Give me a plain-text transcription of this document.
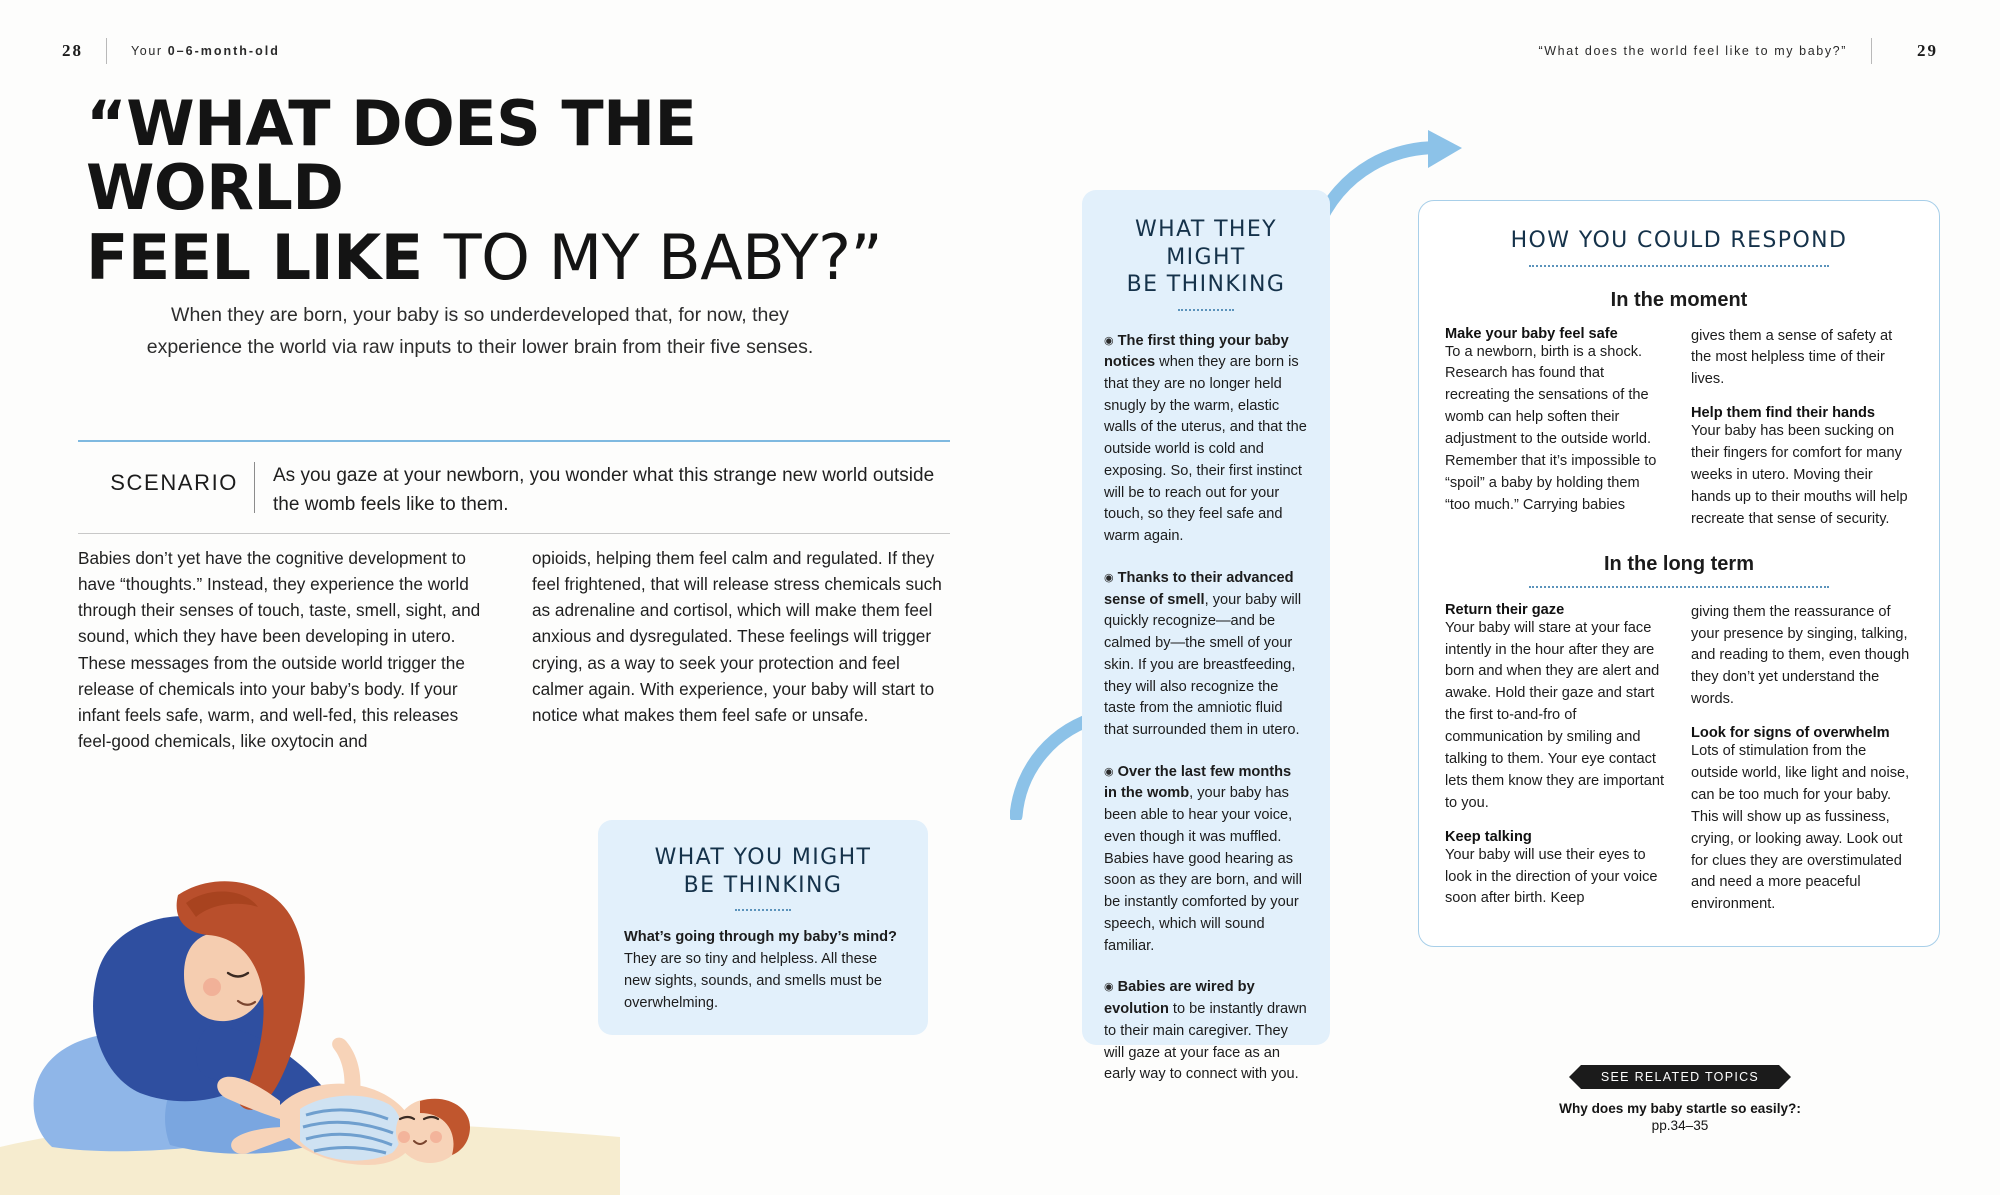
28	Your 0–6-month-old	“What does the world feel like to my baby?”	29
“WHAT DOES THE WORLD
FEEL LIKE TO MY BABY?”
When they are born, your baby is so underdeveloped that, for now, they experience the world via raw inputs to their lower brain from their five senses.
SCENARIO	As you gaze at your newborn, you wonder what this strange new world outside the womb feels like to them.
Babies don’t yet have the cognitive development to have “thoughts.” Instead, they experience the world through their senses of touch, taste, smell, sight, and sound, which they have been developing in utero. These messages from the outside world trigger the release of chemicals into your baby’s body. If your infant feels safe, warm, and well-fed, this releases feel-good chemicals, like oxytocin and
opioids, helping them feel calm and regulated. If they feel frightened, that will release stress chemicals such as adrenaline and cortisol, which will make them feel anxious and dysregulated. These feelings will trigger crying, as a way to seek your protection and feel calmer again. With experience, your baby will start to notice what makes them feel safe or unsafe.
WHAT THEY MIGHT
BE THINKING
◉ The first thing your baby notices when they are born is that they are no longer held snugly by the warm, elastic walls of the uterus, and that the outside world is cold and exposing. So, their first instinct will be to reach out for your touch, so they feel safe and warm again.
◉ Thanks to their advanced sense of smell, your baby will quickly recognize—and be calmed by—the smell of your skin. If you are breastfeeding, they will also recognize the taste from the amniotic fluid that surrounded them in utero.
◉ Over the last few months in the womb, your baby has been able to hear your voice, even though it was muffled. Babies have good hearing as soon as they are born, and will be instantly comforted by your speech, which will sound familiar.
◉ Babies are wired by evolution to be instantly drawn to their main caregiver. They will gaze at your face as an early way to connect with you.
WHAT YOU MIGHT
BE THINKING
What’s going through my baby’s mind? They are so tiny and helpless. All these new sights, sounds, and smells must be overwhelming.
HOW YOU COULD RESPOND
In the moment
Make your baby feel safe
To a newborn, birth is a shock. Research has found that recreating the sensations of the womb can help soften their adjustment to the outside world. Remember that it’s impossible to “spoil” a baby by holding them “too much.” Carrying babies
gives them a sense of safety at the most helpless time of their lives.
Help them find their hands
Your baby has been sucking on their fingers for comfort for many weeks in utero. Moving their hands up to their mouths will help recreate that sense of security.
In the long term
Return their gaze
Your baby will stare at your face intently in the hour after they are born and when they are alert and awake. Hold their gaze and start the first to-and-fro of communication by smiling and talking to them. Your eye contact lets them know they are important to you.
Keep talking
Your baby will use their eyes to look in the direction of your voice soon after birth. Keep
giving them the reassurance of your presence by singing, talking, and reading to them, even though they don’t yet understand the words.
Look for signs of overwhelm
Lots of stimulation from the outside world, like light and noise, can be too much for your baby. This will show up as fussiness, crying, or looking away. Look out for clues they are overstimulated and need a more peaceful environment.
SEE RELATED TOPICS
Why does my baby startle so easily?:
pp.34–35
